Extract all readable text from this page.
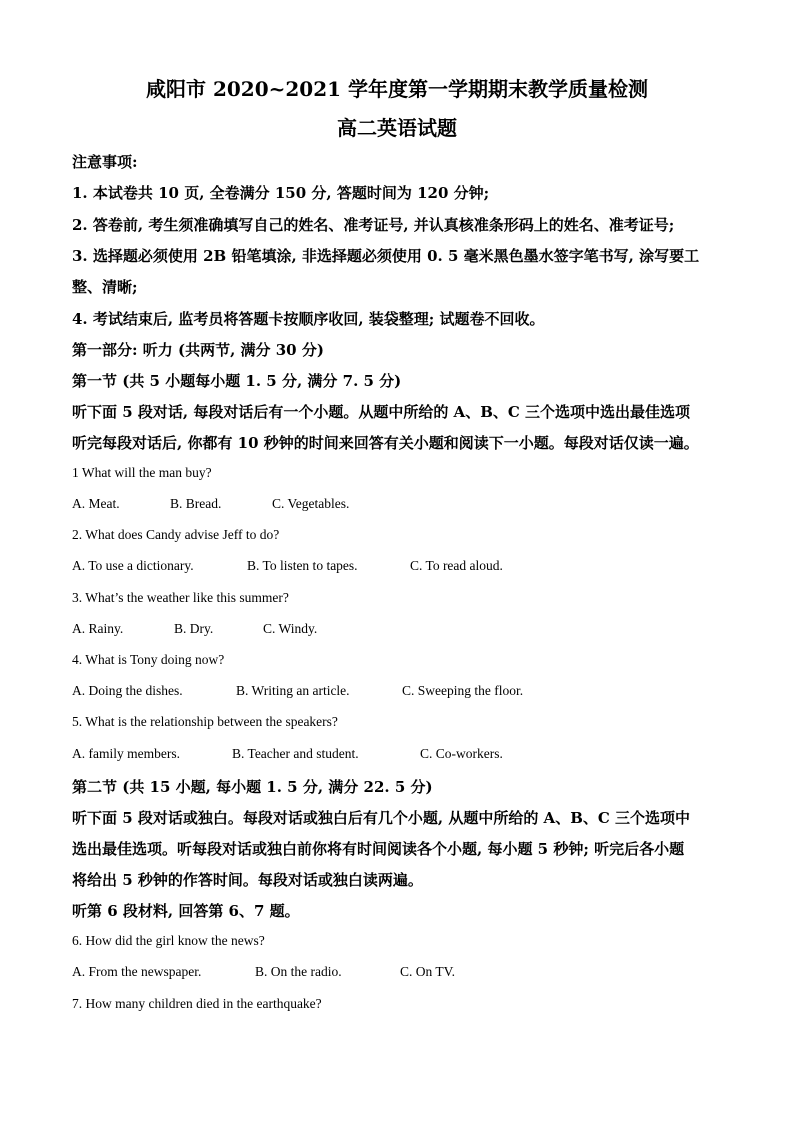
咸阳市 2020~2021 学年度第一学期期末教学质量检测
高二英语试题
注意事项:
1. 本试卷共 10 页, 全卷满分 150 分, 答题时间为 120 分钟;
2. 答卷前, 考生须准确填写自己的姓名、准考证号, 并认真核准条形码上的姓名、准考证号;
3. 选择题必须使用 2B 铅笔填涂, 非选择题必须使用 0. 5 毫米黑色墨水签字笔书写, 涂写要工
整、清晰;
4. 考试结束后, 监考员将答题卡按顺序收回, 装袋整理; 试题卷不回收。
第一部分: 听力 (共两节, 满分 30 分)
第一节 (共 5 小题每小题 1. 5 分, 满分 7. 5 分)
听下面 5 段对话, 每段对话后有一个小题。从题中所给的 A、B、C 三个选项中选出最佳选项
听完每段对话后, 你都有 10 秒钟的时间来回答有关小题和阅读下一小题。每段对话仅读一遍。
1 What will the man buy?
A. Meat.	B. Bread.	C. Vegetables.
2. What does Candy advise Jeff to do?
A. To use a dictionary.	B. To listen to tapes.	C. To read aloud.
3. What’s the weather like this summer?
A. Rainy.	B. Dry.	C. Windy.
4. What is Tony doing now?
A. Doing the dishes.	B. Writing an article.	C. Sweeping the floor.
5. What is the relationship between the speakers?
A. family members.	B. Teacher and student.	C. Co-workers.
第二节 (共 15 小题, 每小题 1. 5 分, 满分 22. 5 分)
听下面 5 段对话或独白。每段对话或独白后有几个小题, 从题中所给的 A、B、C 三个选项中
选出最佳选项。听每段对话或独白前你将有时间阅读各个小题, 每小题 5 秒钟; 听完后各小题
将给出 5 秒钟的作答时间。每段对话或独白读两遍。
听第 6 段材料, 回答第 6、7 题。
6. How did the girl know the news?
A. From the newspaper.	B. On the radio.	C. On TV.
7. How many children died in the earthquake?
